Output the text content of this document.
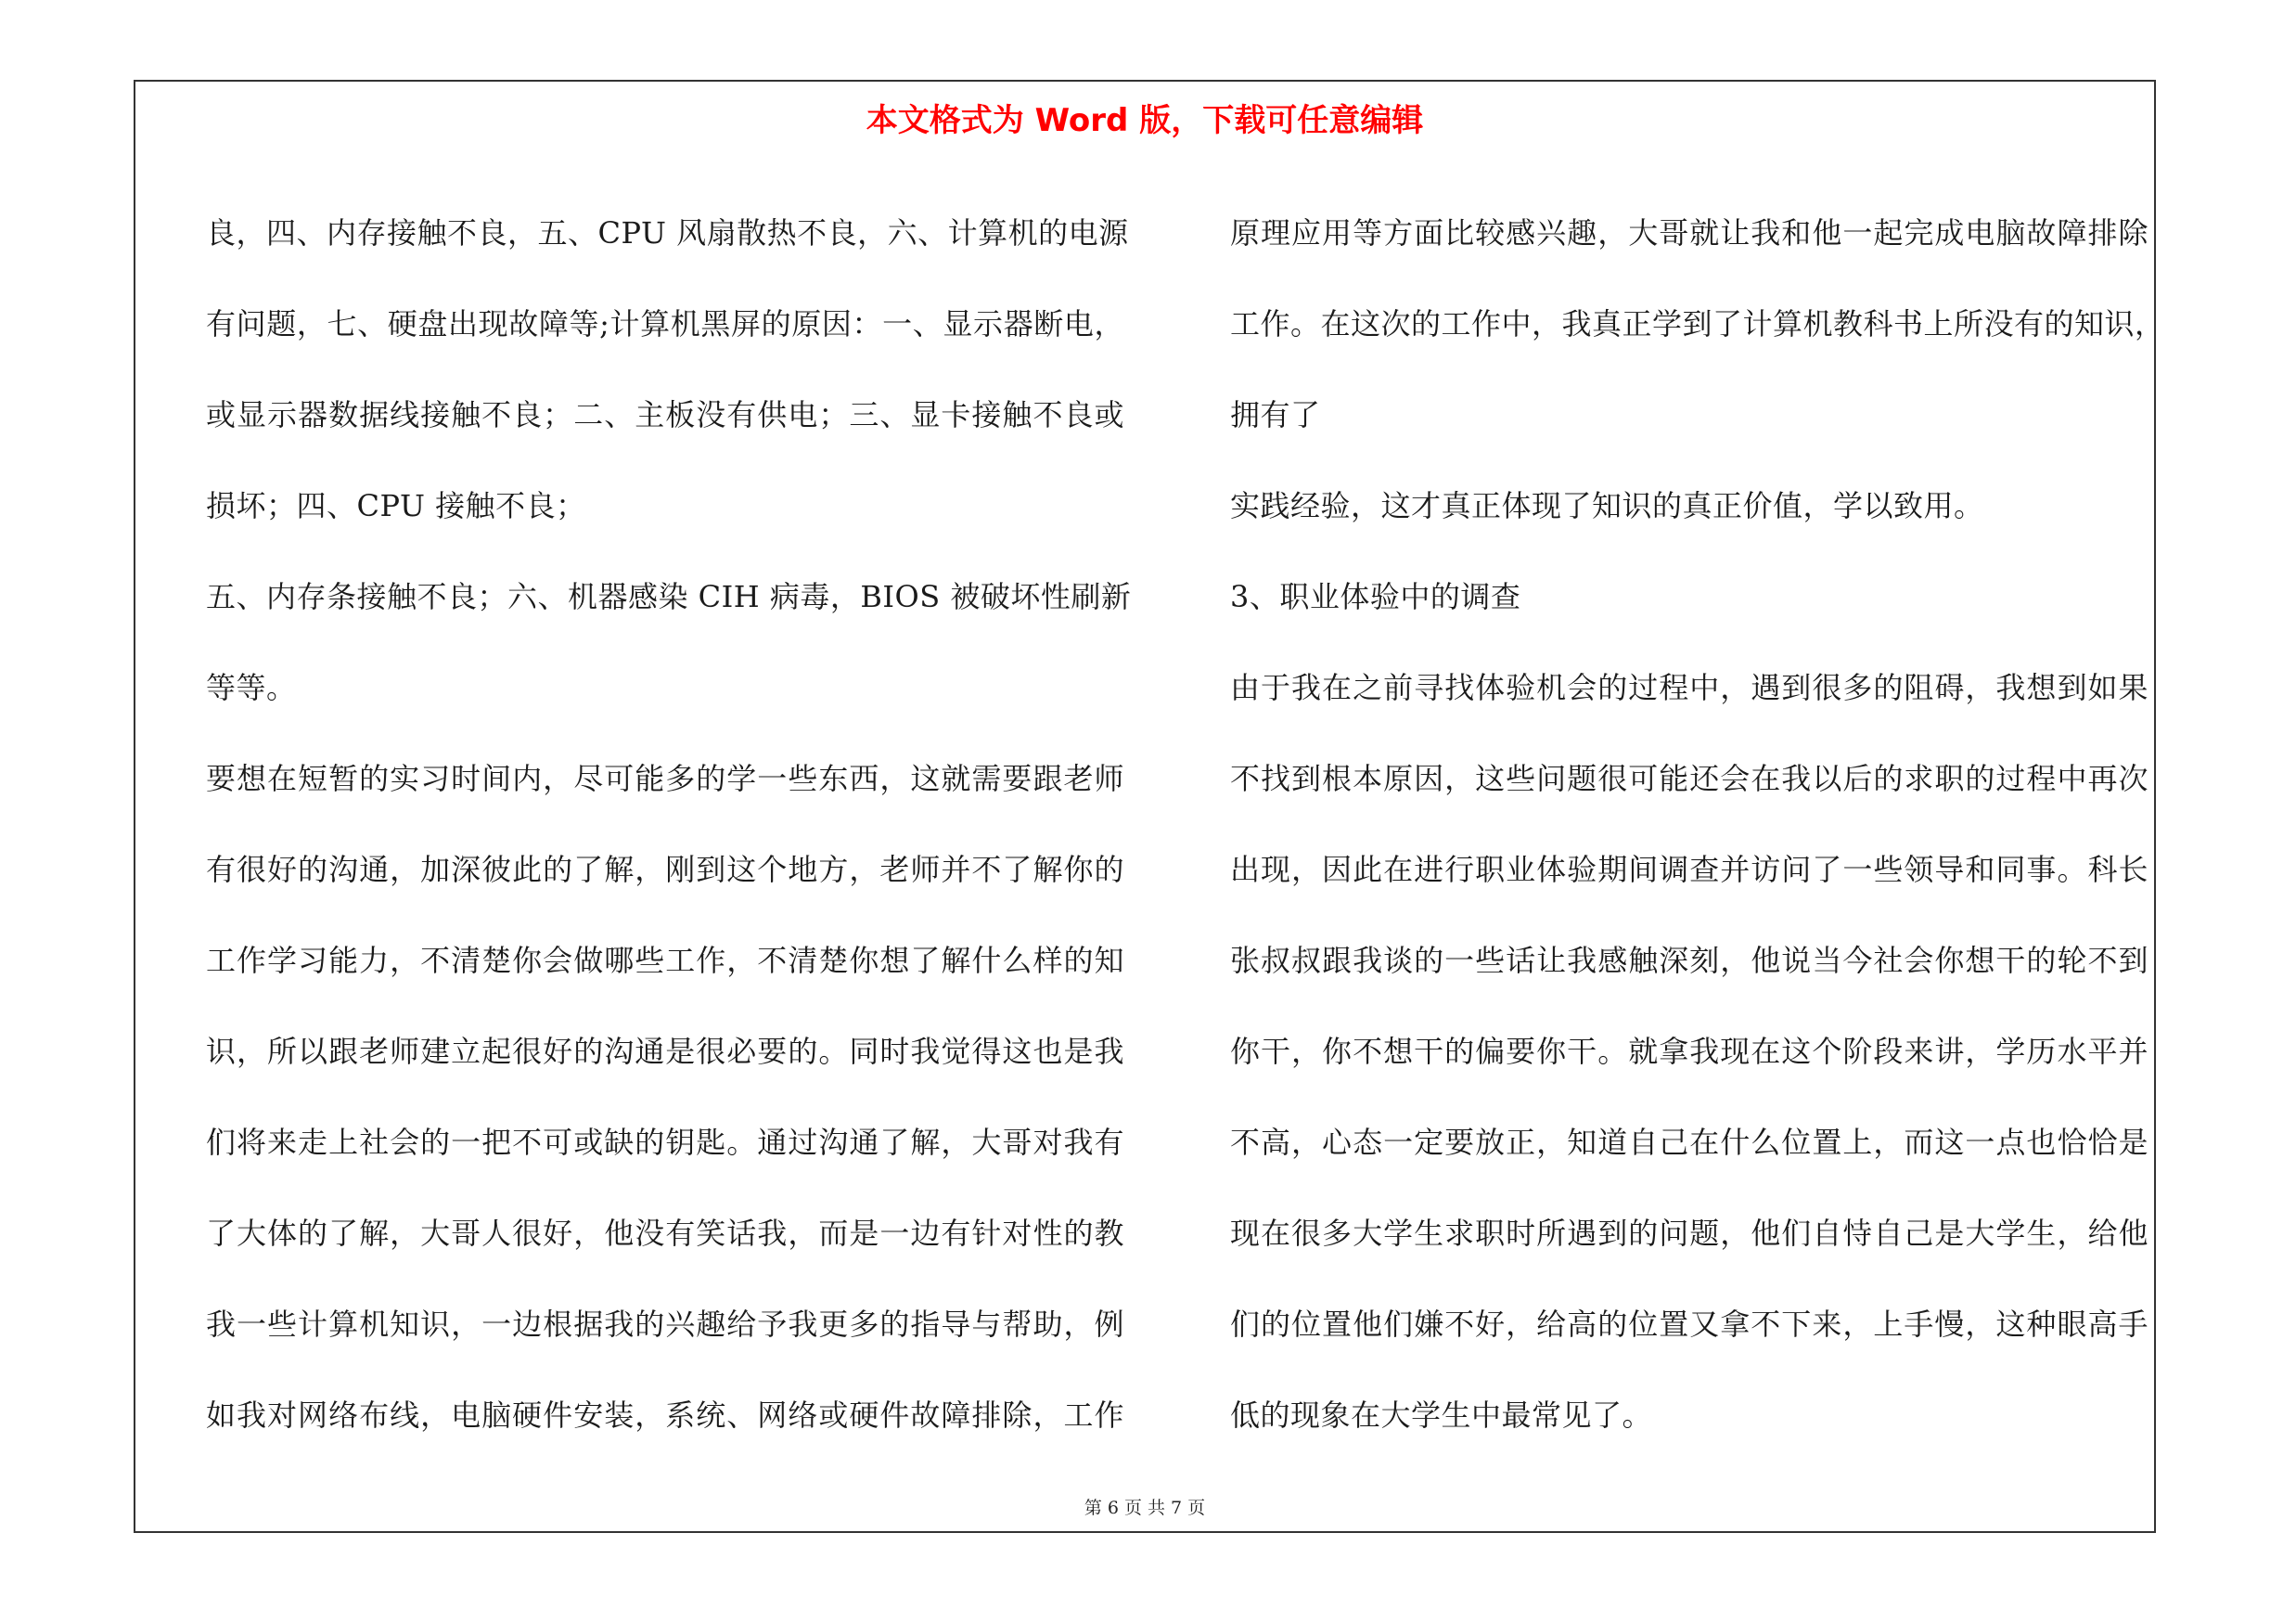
本文格式为 Word 版，下载可任意编辑
良，四、内存接触不良，五、CPU 风扇散热不良，六、计算机的电源
有问题，七、硬盘出现故障等;计算机黑屏的原因：一、显示器断电，
或显示器数据线接触不良；二、主板没有供电；三、显卡接触不良或
损坏；四、CPU 接触不良；
五、内存条接触不良；六、机器感染 CIH 病毒，BIOS 被破坏性刷新
等等。
要想在短暂的实习时间内，尽可能多的学一些东西，这就需要跟老师
有很好的沟通，加深彼此的了解，刚到这个地方，老师并不了解你的
工作学习能力，不清楚你会做哪些工作，不清楚你想了解什么样的知
识，所以跟老师建立起很好的沟通是很必要的。同时我觉得这也是我
们将来走上社会的一把不可或缺的钥匙。通过沟通了解，大哥对我有
了大体的了解，大哥人很好，他没有笑话我，而是一边有针对性的教
我一些计算机知识，一边根据我的兴趣给予我更多的指导与帮助，例
如我对网络布线，电脑硬件安装，系统、网络或硬件故障排除，工作
原理应用等方面比较感兴趣，大哥就让我和他一起完成电脑故障排除
工作。在这次的工作中，我真正学到了计算机教科书上所没有的知识，
拥有了
实践经验，这才真正体现了知识的真正价值，学以致用。
3、职业体验中的调查
由于我在之前寻找体验机会的过程中，遇到很多的阻碍，我想到如果
不找到根本原因，这些问题很可能还会在我以后的求职的过程中再次
出现，因此在进行职业体验期间调查并访问了一些领导和同事。科长
张叔叔跟我谈的一些话让我感触深刻，他说当今社会你想干的轮不到
你干，你不想干的偏要你干。就拿我现在这个阶段来讲，学历水平并
不高，心态一定要放正，知道自己在什么位置上，而这一点也恰恰是
现在很多大学生求职时所遇到的问题，他们自恃自己是大学生，给他
们的位置他们嫌不好，给高的位置又拿不下来，上手慢，这种眼高手
低的现象在大学生中最常见了。
第 6 页 共 7 页
